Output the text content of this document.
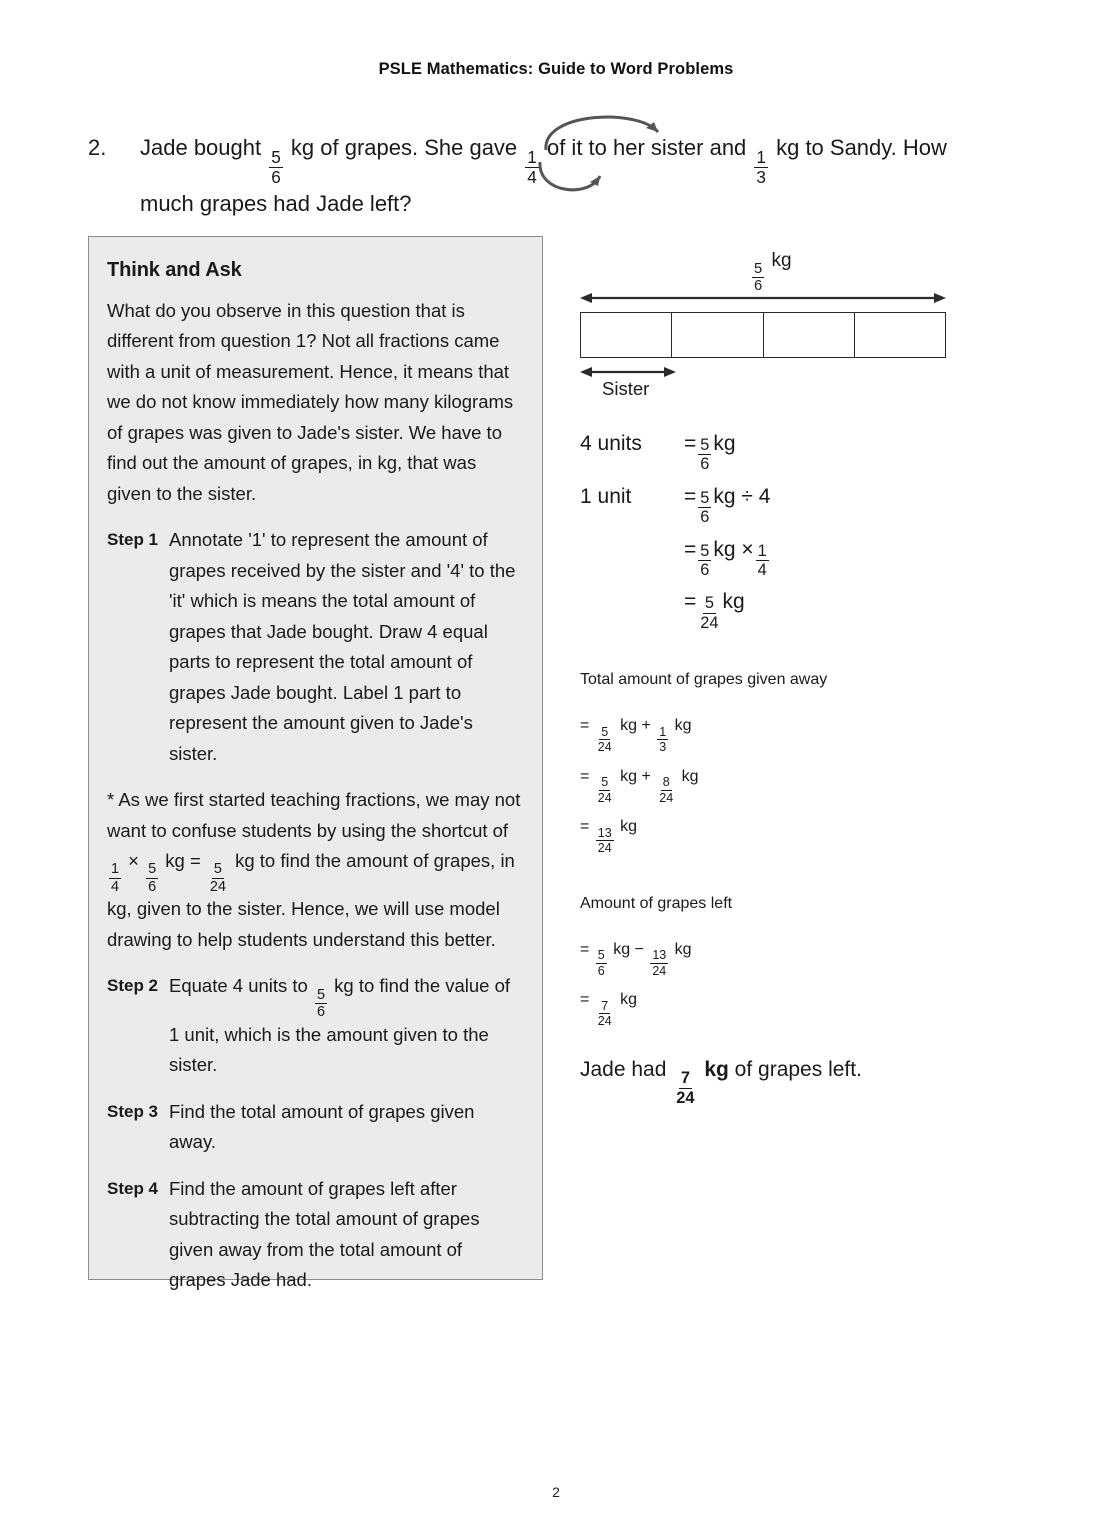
PSLE Mathematics: Guide to Word Problems
2. Jade bought
$\frac{5}{6}$
kg of grapes. She gave
$\frac{1}{4}$
of it to her sister and
$\frac{1}{3}$
kg to Sandy. How much grapes had Jade left?
Think and Ask

What do you observe in this question that is different from question 1? Not all fractions came with a unit of measurement. Hence, it means that we do not know immediately how many kilograms of grapes was given to Jade's sister. We have to find out the amount of grapes, in kg, that was given to the sister.

Step 1 Annotate '1' to represent the amount of grapes received by the sister and '4' to the 'it' which is means the total amount of grapes that Jade bought. Draw 4 equal parts to represent the total amount of grapes Jade bought. Label 1 part to represent the amount given to Jade's sister.

* As we first started teaching fractions, we may not want to confuse students by using the shortcut of
$\frac{1}{4}$
×
$\frac{5}{6}$
kg =
$\frac{5}{24}$
kg to find the amount of grapes, in kg, given to the sister. Hence, we will use model drawing to help students understand this better.

Step 2 Equate 4 units to
$\frac{5}{6}$
kg to find the value of 1 unit, which is the amount given to the sister.
Step 3 Find the total amount of grapes given away.
Step 4 Find the amount of grapes left after subtracting the total amount of grapes given away from the total amount of grapes Jade had.
$\frac{5}{6}$
kg
Sister
4 units	= $\frac{5}{6}$ kg
1 unit	= $\frac{5}{6}$ kg ÷ 4
= $\frac{5}{6}$ kg × $\frac{1}{4}$
= $\frac{5}{24}$ kg
Total amount of grapes given away
=
$\frac{5}{24}$
kg +
$\frac{1}{3}$
kg
=
$\frac{5}{24}$
kg +
$\frac{8}{24}$
kg
=
$\frac{13}{24}$
kg
Amount of grapes left
=
$\frac{5}{6}$
kg −
$\frac{13}{24}$
kg
=
$\frac{7}{24}$
kg
Jade had
$\frac{7}{24}$
kg of grapes left.
2
